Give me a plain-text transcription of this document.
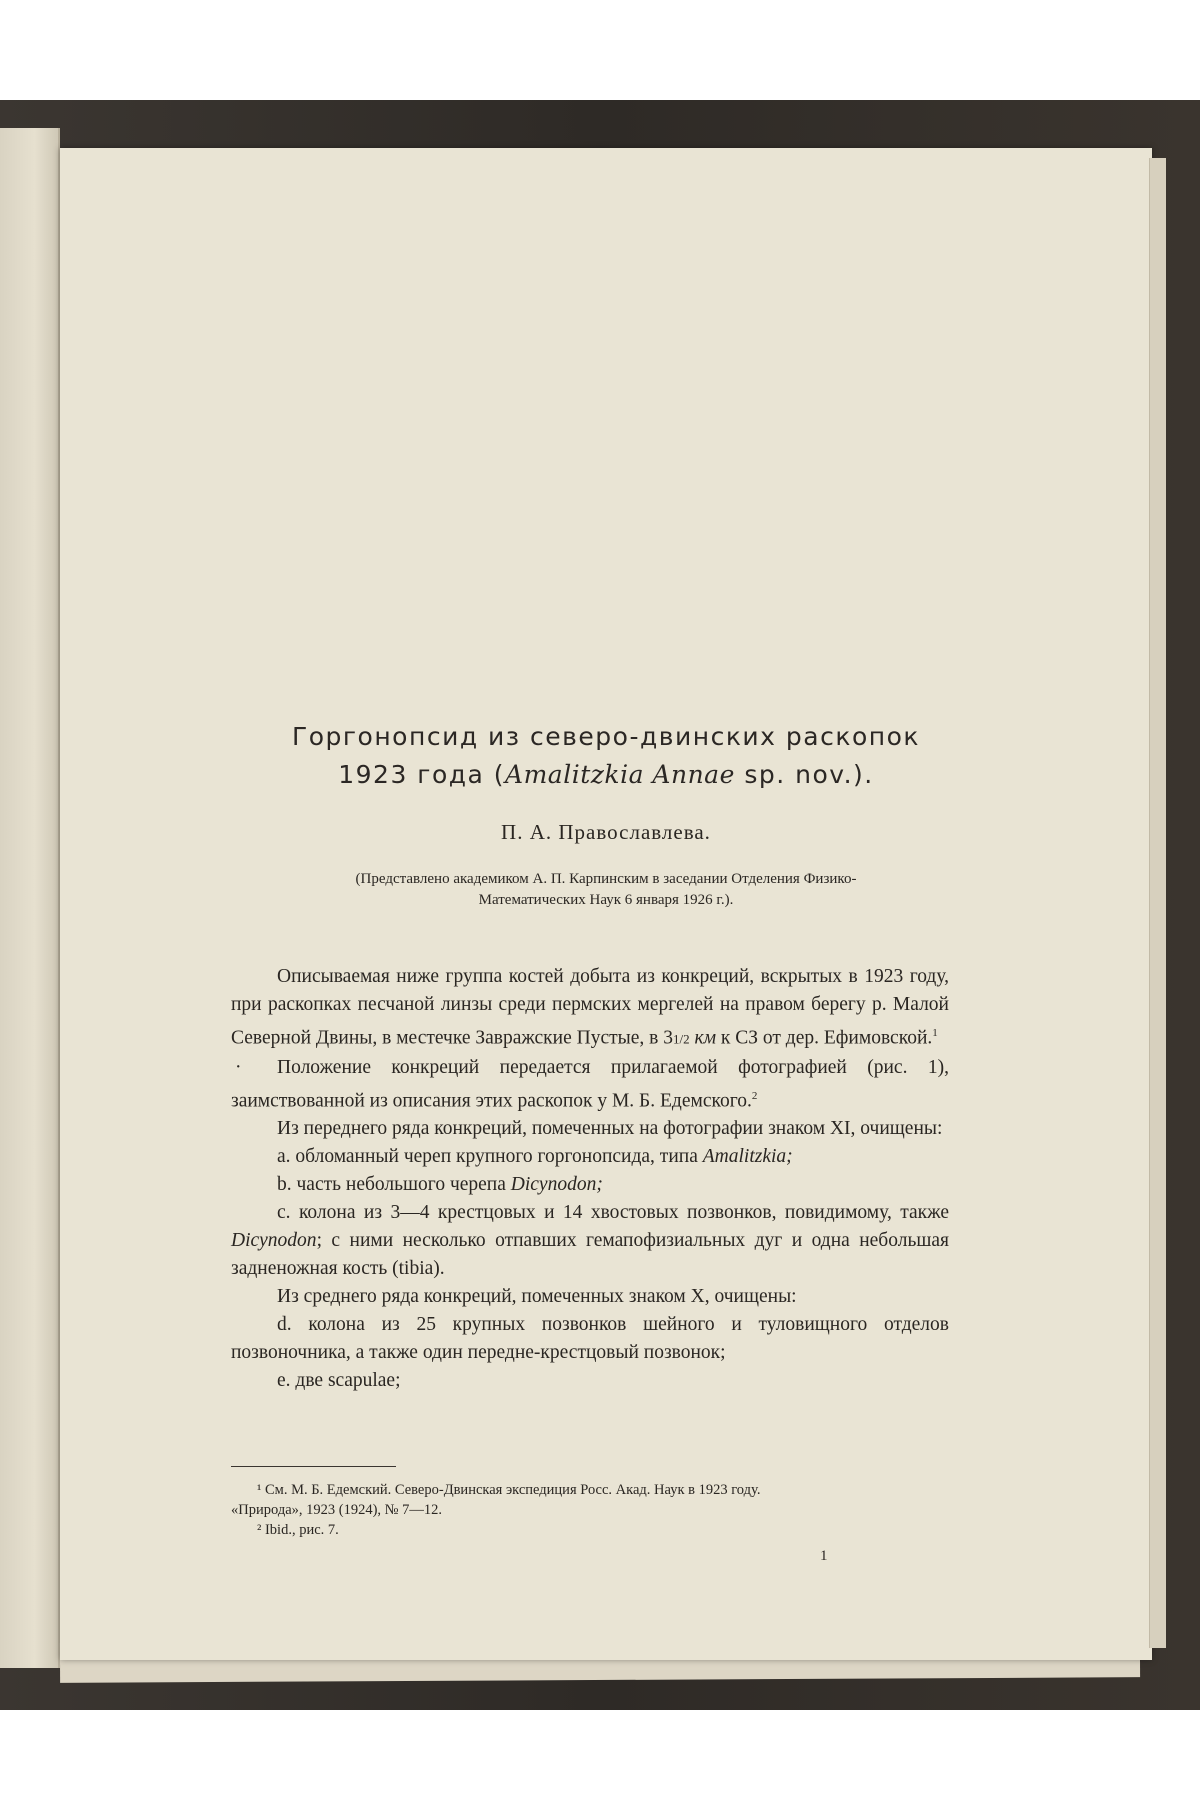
Горгонопсид из северо-двинских раскопок

1923 года (Amalitzkia Annae sp. nov.).

П. А. Православлева.
(Представлено академиком А. П. Карпинским в заседании Отделения Физико-
Математических Наук 6 января 1926 г.).

Описываемая ниже группа костей добыта из конкреций, вскрытых в 1923 году, при раскопках песчаной линзы среди пермских мергелей на правом берегу р. Малой Северной Двины, в местечке Завражские Пустые, в 31/2 км к СЗ от дер. Ефимовской.$^1$

· Положение конкреций передается прилагаемой фотографией (рис. 1), заимствованной из описания этих раскопок у М. Б. Едемского.$^2$

Из переднего ряда конкреций, помеченных на фотографии знаком XI, очищены:

a. обломанный череп крупного горгонопсида, типа Amalitzkia;

b. часть небольшого черепа Dicynodon;

c. колона из 3—4 крестцовых и 14 хвостовых позвонков, повидимому, также Dicynodon; с ними несколько отпавших гемапофизиальных дуг и одна небольшая задненожная кость (tibia).

Из среднего ряда конкреций, помеченных знаком X, очищены:

d. колона из 25 крупных позвонков шейного и туловищного отделов позвоночника, а также один передне-крестцовый позвонок;

e. две scapulae;

¹ См. М. Б. Едемский. Северо-Двинская экспедиция Росс. Акад. Наук в 1923 году.
«Природа», 1923 (1924), № 7—12.
² Ibid., рис. 7.
1
